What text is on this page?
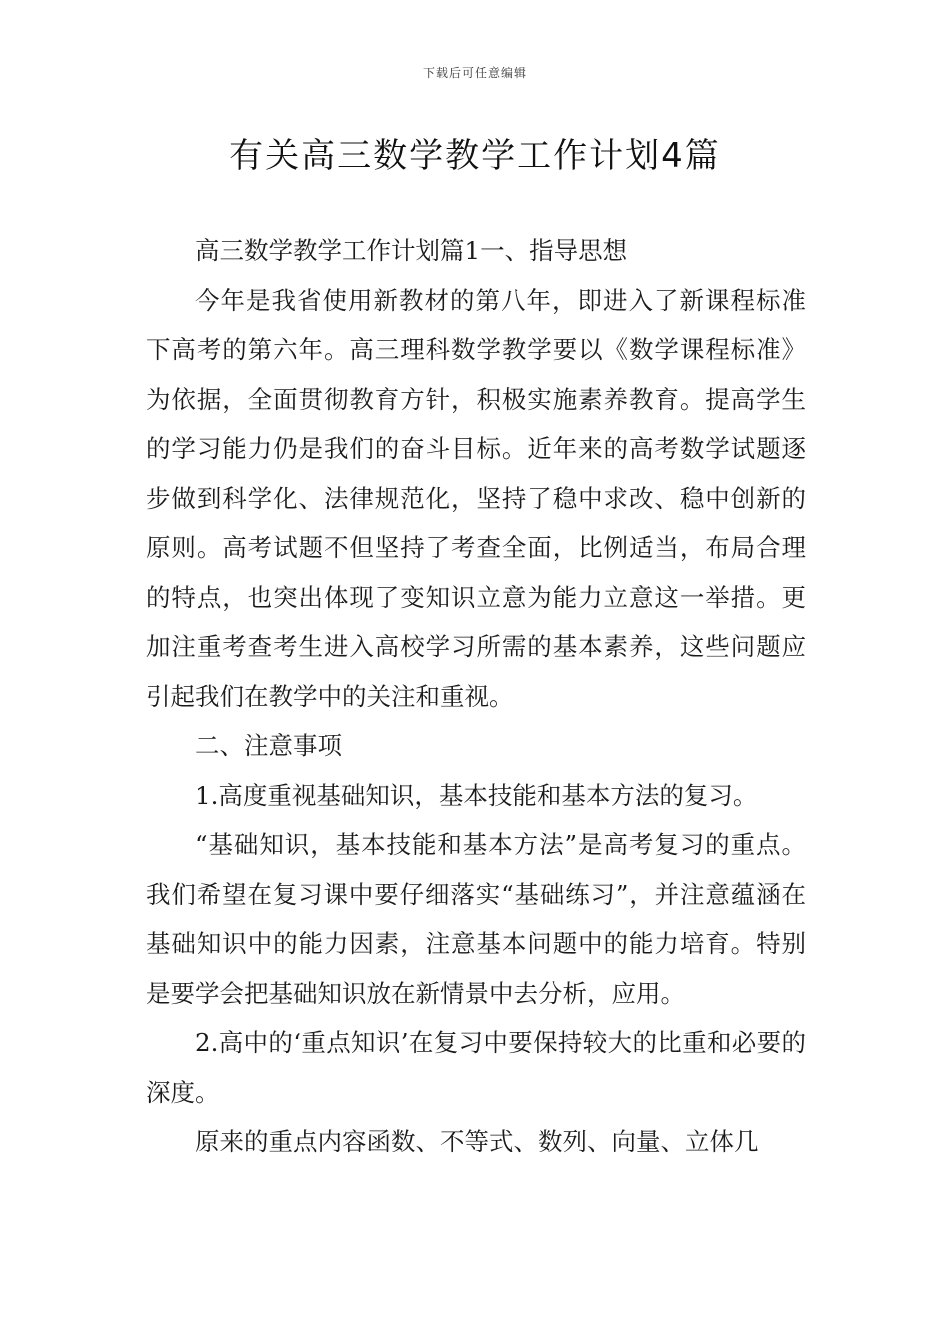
下载后可任意编辑
有关高三数学教学工作计划4篇

高三数学教学工作计划篇1一、指导思想

今年是我省使用新教材的第八年，即进入了新课程标准下高考的第六年。高三理科数学教学要以《数学课程标准》为依据，全面贯彻教育方针，积极实施素养教育。提高学生的学习能力仍是我们的奋斗目标。近年来的高考数学试题逐步做到科学化、法律规范化，坚持了稳中求改、稳中创新的原则。高考试题不但坚持了考查全面，比例适当，布局合理的特点，也突出体现了变知识立意为能力立意这一举措。更加注重考查考生进入高校学习所需的基本素养，这些问题应引起我们在教学中的关注和重视。

二、注意事项

1.高度重视基础知识，基本技能和基本方法的复习。

“基础知识，基本技能和基本方法”是高考复习的重点。我们希望在复习课中要仔细落实“基础练习”，并注意蕴涵在基础知识中的能力因素，注意基本问题中的能力培育。特别是要学会把基础知识放在新情景中去分析，应用。

2.高中的‘重点知识’在复习中要保持较大的比重和必要的深度。

原来的重点内容函数、不等式、数列、向量、立体几
